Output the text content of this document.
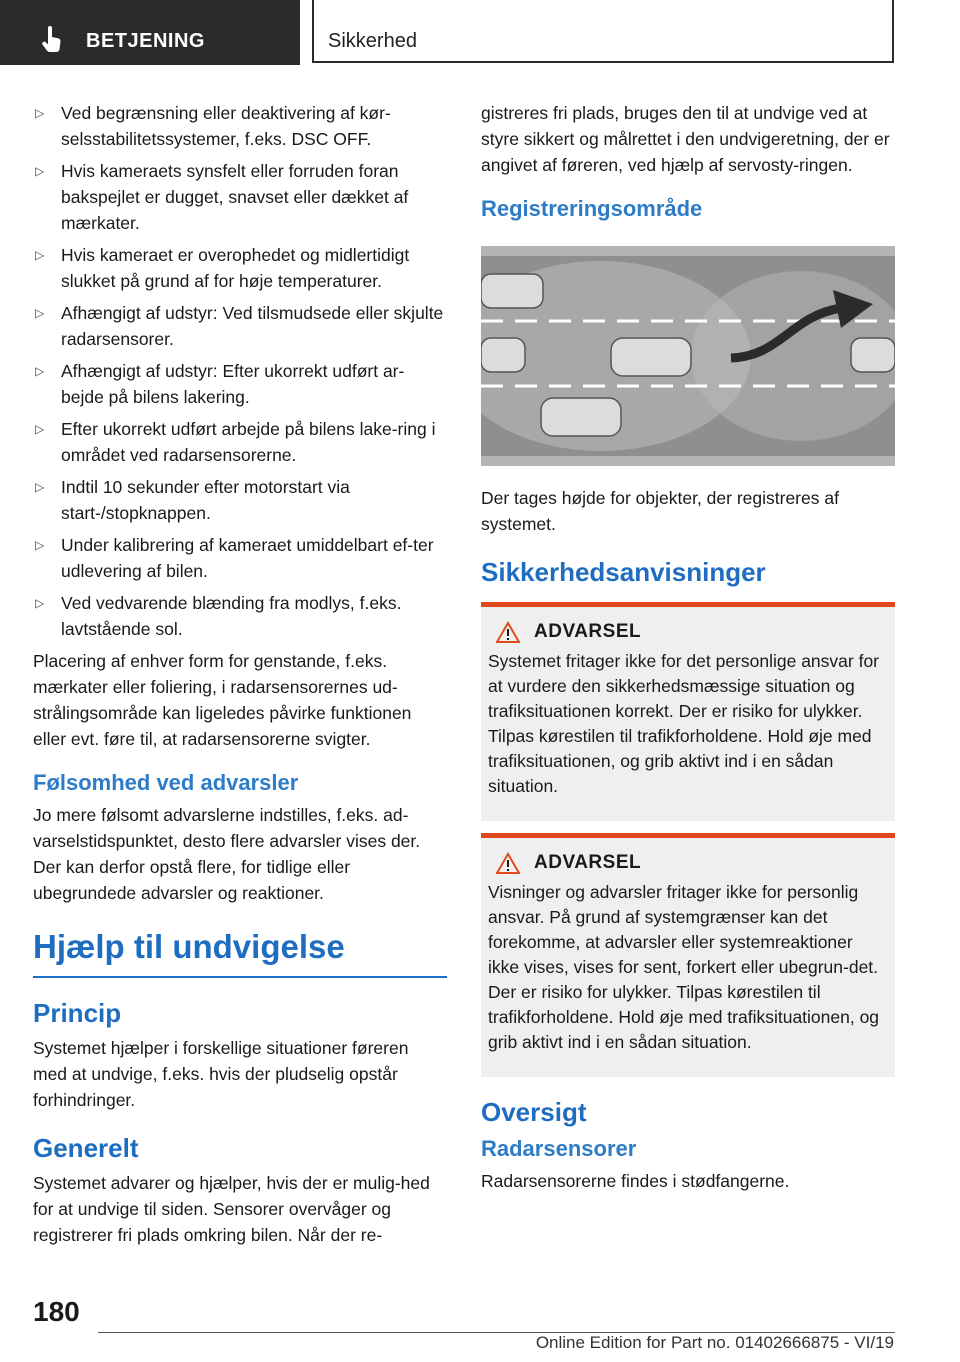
BETJENING	Sikkerhed
▷ Ved begrænsning eller deaktivering af kør-selsstabilitetssystemer, f.eks. DSC OFF.
▷ Hvis kameraets synsfelt eller forruden foran bakspejlet er dugget, snavset eller dækket af mærkater.
▷ Hvis kameraet er overophedet og midlertidigt slukket på grund af for høje temperaturer.
▷ Afhængigt af udstyr: Ved tilsmudsede eller skjulte radarsensorer.
▷ Afhængigt af udstyr: Efter ukorrekt udført ar-bejde på bilens lakering.
▷ Efter ukorrekt udført arbejde på bilens lake-ring i området ved radarsensorerne.
▷ Indtil 10 sekunder efter motorstart via start-/stopknappen.
▷ Under kalibrering af kameraet umiddelbart ef-ter udlevering af bilen.
▷ Ved vedvarende blænding fra modlys, f.eks. lavtstående sol.

Placering af enhver form for genstande, f.eks. mærkater eller foliering, i radarsensorernes ud-strålingsområde kan ligeledes påvirke funktionen eller evt. føre til, at radarsensorerne svigter.

Følsomhed ved advarsler

Jo mere følsomt advarslerne indstilles, f.eks. ad-varselstidspunktet, desto flere advarsler vises der. Der kan derfor opstå flere, for tidlige eller ubegrundede advarsler og reaktioner.

Hjælp til undvigelse
Princip

Systemet hjælper i forskellige situationer føreren med at undvige, f.eks. hvis der pludselig opstår forhindringer.

Generelt

Systemet advarer og hjælper, hvis der er mulig-hed for at undvige til siden. Sensorer overvåger og registrerer fri plads omkring bilen. Når der re-

gistreres fri plads, bruges den til at undvige ved at styre sikkert og målrettet i den undvigeretning, der er angivet af føreren, ved hjælp af servosty-ringen.

Registreringsområde

Der tages højde for objekter, der registreres af systemet.

Sikkerhedsanvisninger
ADVARSEL

Systemet fritager ikke for det personlige ansvar for at vurdere den sikkerhedsmæssige situation og trafiksituationen korrekt. Der er risiko for ulykker. Tilpas kørestilen til trafikforholdene. Hold øje med trafiksituationen, og grib aktivt ind i en sådan situation.

ADVARSEL

Visninger og advarsler fritager ikke for personlig ansvar. På grund af systemgrænser kan det forekomme, at advarsler eller systemreaktioner ikke vises, vises for sent, forkert eller ubegrun-det. Der er risiko for ulykker. Tilpas kørestilen til trafikforholdene. Hold øje med trafiksituationen, og grib aktivt ind i en sådan situation.

Oversigt
Radarsensorer

Radarsensorerne findes i stødfangerne.

180
Online Edition for Part no. 01402666875 - VI/19
